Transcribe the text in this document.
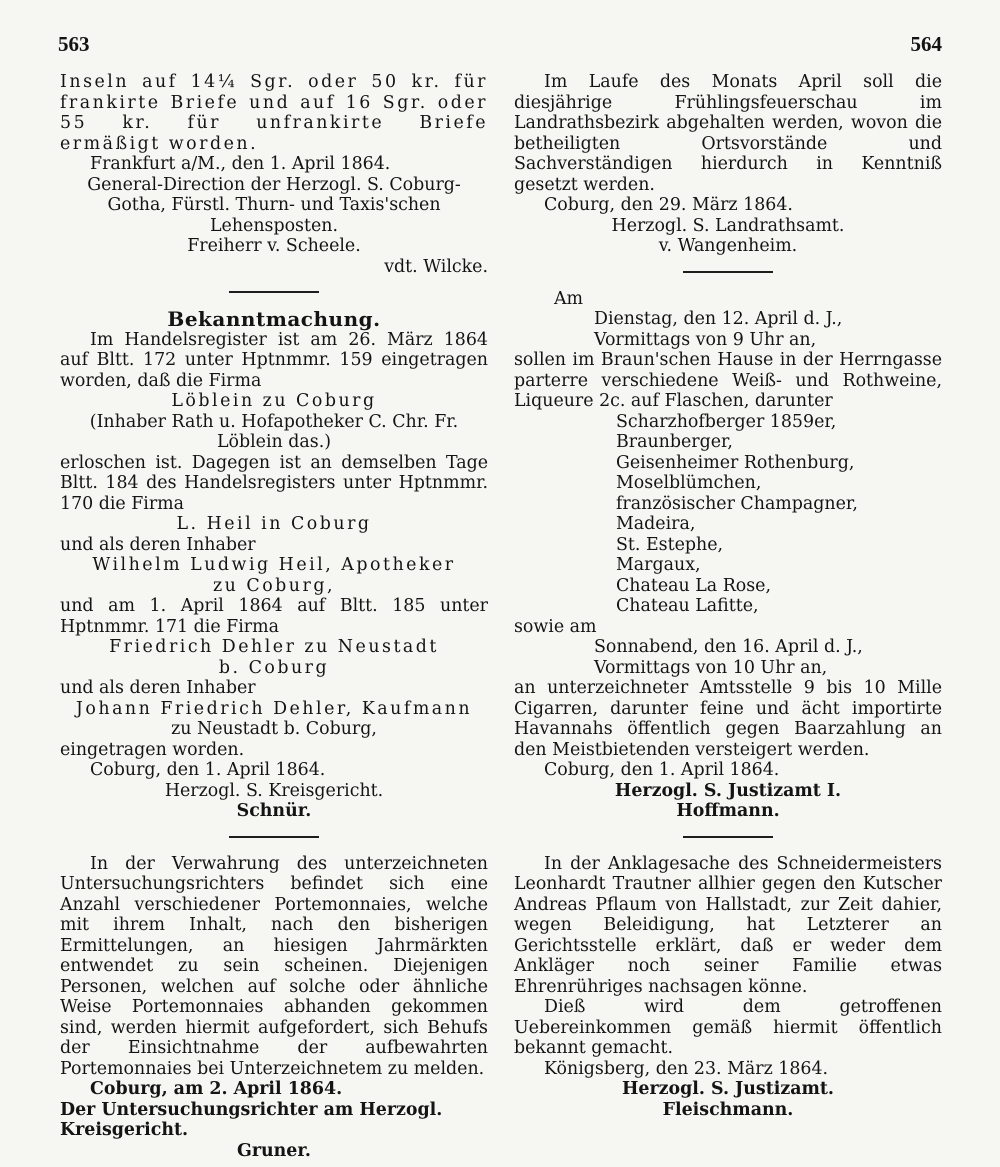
563	564

Inseln auf 14¼ Sgr. oder 50 kr. für frankirte Briefe und auf 16 Sgr. oder 55 kr. für unfrankirte Briefe ermäßigt worden.

Frankfurt a/M., den 1. April 1864.

General-Direction der Herzogl. S. Coburg-Gotha, Fürstl. Thurn- und Taxis'schen Lehensposten.

Freiherr v. Scheele.

vdt. Wilcke.

Bekanntmachung.

Im Handelsregister ist am 26. März 1864 auf Bltt. 172 unter Hptnmmr. 159 eingetragen worden, daß die Firma

Löblein zu Coburg

(Inhaber Rath u. Hofapotheker C. Chr. Fr. Löblein das.)

erloschen ist. Dagegen ist an demselben Tage Bltt. 184 des Handelsregisters unter Hptnmmr. 170 die Firma

L. Heil in Coburg

und als deren Inhaber

Wilhelm Ludwig Heil, Apotheker

zu Coburg,

und am 1. April 1864 auf Bltt. 185 unter Hptnmmr. 171 die Firma

Friedrich Dehler zu Neustadt

b. Coburg

und als deren Inhaber

Johann Friedrich Dehler, Kaufmann

zu Neustadt b. Coburg,

eingetragen worden.

Coburg, den 1. April 1864.

Herzogl. S. Kreisgericht.

Schnür.

In der Verwahrung des unterzeichneten Untersuchungsrichters befindet sich eine Anzahl verschiedener Portemonnaies, welche mit ihrem Inhalt, nach den bisherigen Ermittelungen, an hiesigen Jahrmärkten entwendet zu sein scheinen. Diejenigen Personen, welchen auf solche oder ähnliche Weise Portemonnaies abhanden gekommen sind, werden hiermit aufgefordert, sich Behufs der Einsichtnahme der aufbewahrten Portemonnaies bei Unterzeichnetem zu melden.

Coburg, am 2. April 1864.

Der Untersuchungsrichter am Herzogl. Kreisgericht.

Gruner.

Im Laufe des Monats April soll die diesjährige Frühlingsfeuerschau im Landrathsbezirk abgehalten werden, wovon die betheiligten Ortsvorstände und Sachverständigen hierdurch in Kenntniß gesetzt werden.

Coburg, den 29. März 1864.

Herzogl. S. Landrathsamt.

v. Wangenheim.

Am

Dienstag, den 12. April d. J.,

Vormittags von 9 Uhr an,

sollen im Braun'schen Hause in der Herrngasse parterre verschiedene Weiß- und Rothweine, Liqueure 2c. auf Flaschen, darunter

Scharzhofberger 1859er,

Braunberger,

Geisenheimer Rothenburg,

Moselblümchen,

französischer Champagner,

Madeira,

St. Estephe,

Margaux,

Chateau La Rose,

Chateau Lafitte,

sowie am

Sonnabend, den 16. April d. J.,

Vormittags von 10 Uhr an,

an unterzeichneter Amtsstelle 9 bis 10 Mille Cigarren, darunter feine und ächt importirte Havannahs öffentlich gegen Baarzahlung an den Meistbietenden versteigert werden.

Coburg, den 1. April 1864.

Herzogl. S. Justizamt I.

Hoffmann.

In der Anklagesache des Schneidermeisters Leonhardt Trautner allhier gegen den Kutscher Andreas Pflaum von Hallstadt, zur Zeit dahier, wegen Beleidigung, hat Letzterer an Gerichtsstelle erklärt, daß er weder dem Ankläger noch seiner Familie etwas Ehrenrühriges nachsagen könne.

Dieß wird dem getroffenen Uebereinkommen gemäß hiermit öffentlich bekannt gemacht.

Königsberg, den 23. März 1864.

Herzogl. S. Justizamt.

Fleischmann.
